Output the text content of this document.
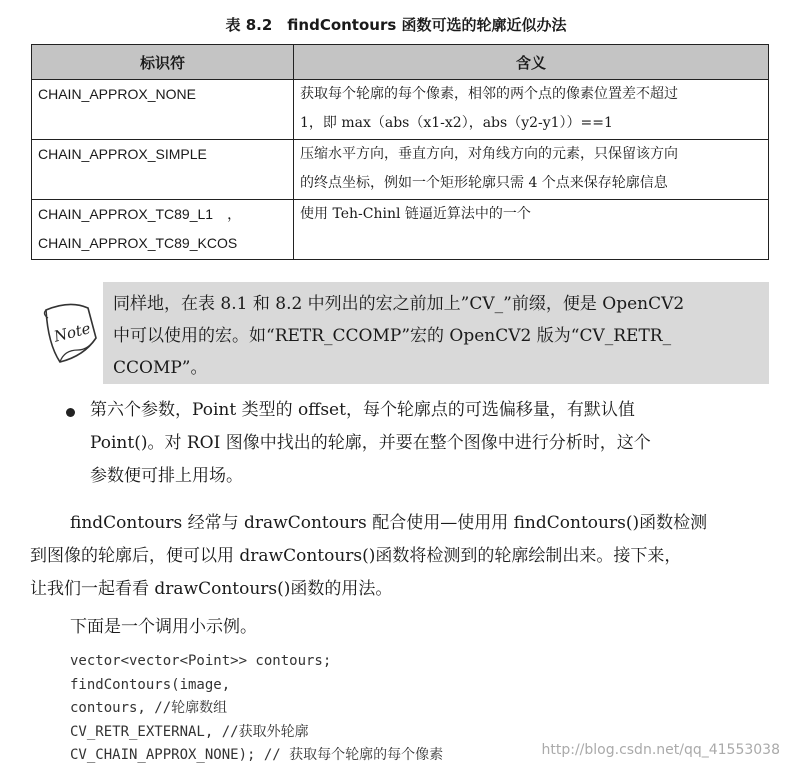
表 8.2　findContours 函数可选的轮廓近似办法
标识符	含义

CHAIN_APPROX_NONE	获取每个轮廓的每个像素，相邻的两个点的像素位置差不超过
1，即 max（abs（x1-x2），abs（y2-y1））==1

CHAIN_APPROX_SIMPLE	压缩水平方向，垂直方向，对角线方向的元素，只保留该方向
的终点坐标，例如一个矩形轮廓只需 4 个点来保存轮廓信息

CHAIN_APPROX_TC89_L1　，
CHAIN_APPROX_TC89_KCOS	使用 Teh-Chinl 链逼近算法中的一个
Note

同样地，在表 8.1 和 8.2 中列出的宏之前加上”CV_”前缀，便是 OpenCV2
中可以使用的宏。如“RETR_CCOMP”宏的 OpenCV2 版为“CV_RETR_
CCOMP”。

第六个参数，Point 类型的 offset，每个轮廓点的可选偏移量，有默认值
Point()。对 ROI 图像中找出的轮廓，并要在整个图像中进行分析时，这个
参数便可排上用场。

findContours 经常与 drawContours 配合使用—使用用 findContours()函数检测
到图像的轮廓后，便可以用 drawContours()函数将检测到的轮廓绘制出来。接下来，
让我们一起看看 drawContours()函数的用法。

下面是一个调用小示例。

vector<vector<Point>> contours;
findContours(image,
contours, //轮廓数组
CV_RETR_EXTERNAL, //获取外轮廓
CV_CHAIN_APPROX_NONE); // 获取每个轮廓的每个像素	http://blog.csdn.net/qq_41553038
